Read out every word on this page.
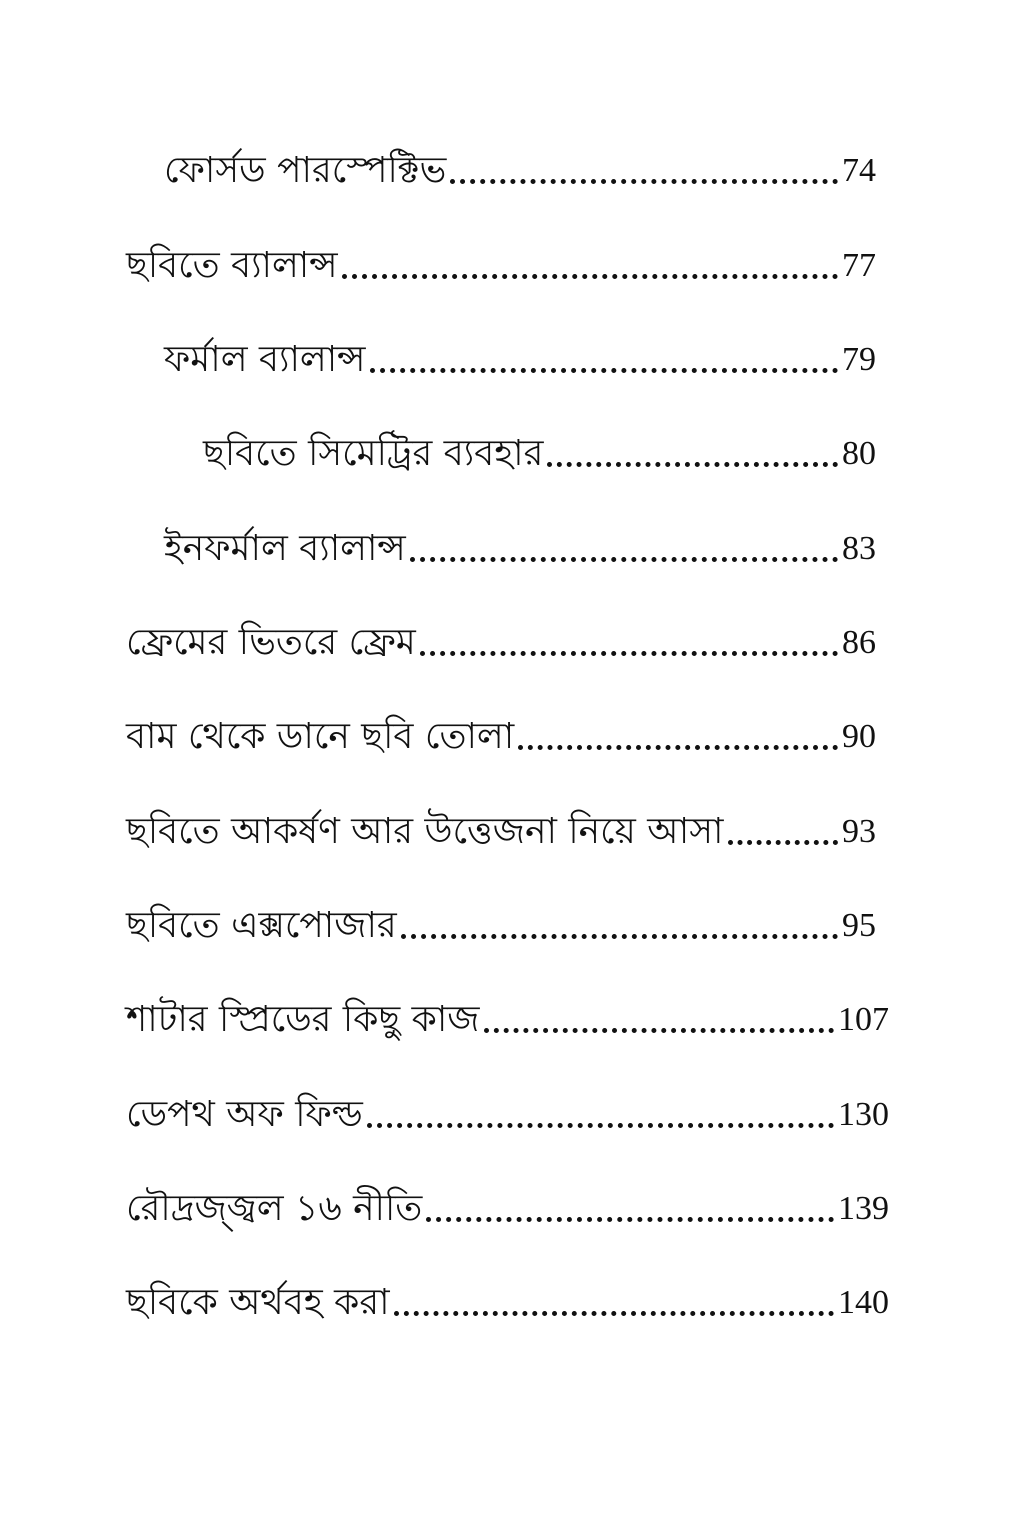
ফোর্সড পারস্পেক্টিভ	74
ছবিতে ব্যালান্স	77
ফর্মাল ব্যালান্স	79
ছবিতে সিমেট্রির ব্যবহার	80
ইনফর্মাল ব্যালান্স	83
ফ্রেমের ভিতরে ফ্রেম	86
বাম থেকে ডানে ছবি তোলা	90
ছবিতে আকর্ষণ আর উত্তেজনা নিয়ে আসা	93
ছবিতে এক্সপোজার	95
শাটার স্প্রিডের কিছু কাজ	107
ডেপথ অফ ফিল্ড	130
রৌদ্রজ্জ্বল ১৬ নীতি	139
ছবিকে অর্থবহ করা	140
